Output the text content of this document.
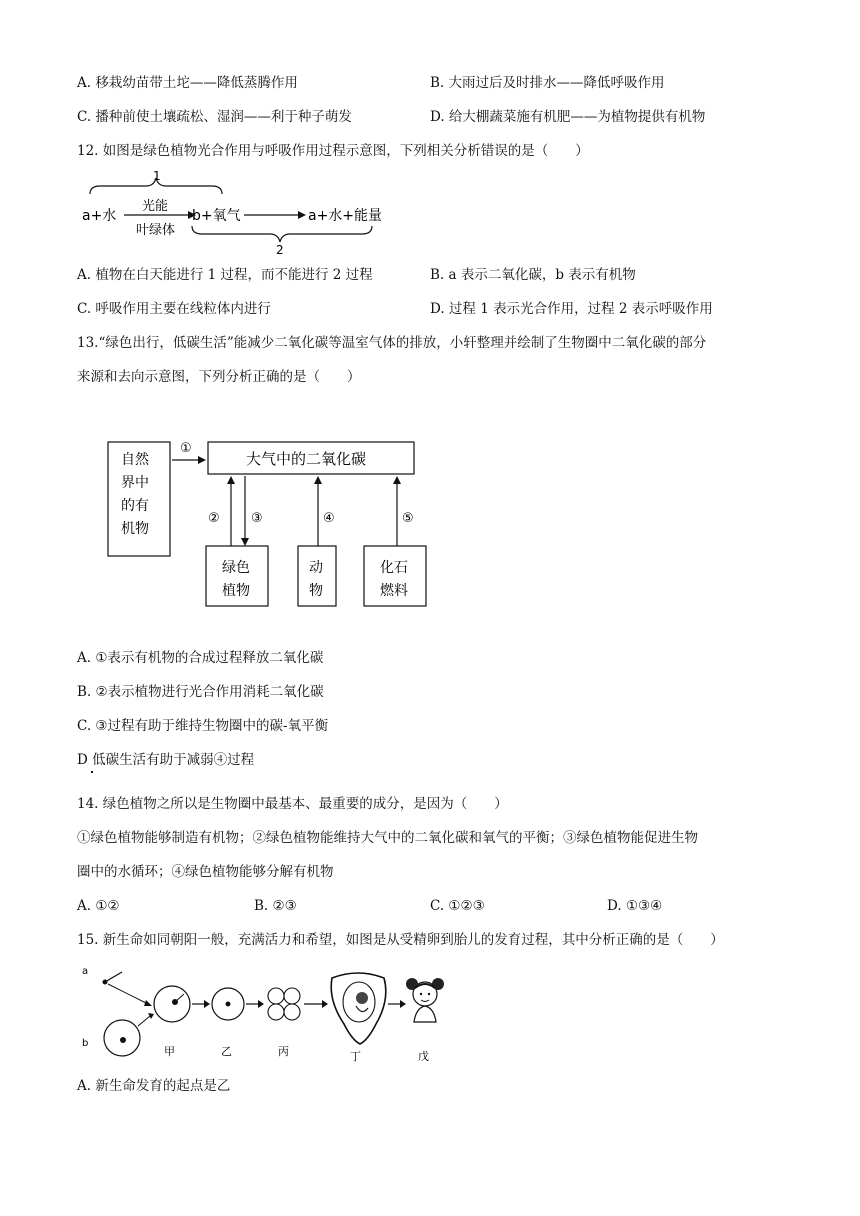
A. 移栽幼苗带土坨——降低蒸腾作用	B. 大雨过后及时排水——降低呼吸作用
C. 播种前使土壤疏松、湿润——利于种子萌发	D. 给大棚蔬菜施有机肥——为植物提供有机物
12. 如图是绿色植物光合作用与呼吸作用过程示意图，下列相关分析错误的是（　　）
1
a+水
光能
叶绿体
b+氧气	a+水+能量
2
A. 植物在白天能进行 1 过程，而不能进行 2 过程	B. a 表示二氧化碳，b 表示有机物
C. 呼吸作用主要在线粒体内进行	D. 过程 1 表示光合作用，过程 2 表示呼吸作用
13.“绿色出行，低碳生活”能减少二氧化碳等温室气体的排放，小轩整理并绘制了生物圈中二氧化碳的部分
来源和去向示意图，下列分析正确的是（　　）
自然
界中
的有
机物
①
大气中的二氧化碳
② ③
绿色
植物
④
动
物
⑤
化石
燃料
A. ①表示有机物的合成过程释放二氧化碳
B. ②表示植物进行光合作用消耗二氧化碳
C. ③过程有助于维持生物圈中的碳-氧平衡
D 低碳生活有助于减弱④过程
14. 绿色植物之所以是生物圈中最基本、最重要的成分，是因为（　　）
①绿色植物能够制造有机物；②绿色植物能维持大气中的二氧化碳和氧气的平衡；③绿色植物能促进生物
圈中的水循环；④绿色植物能够分解有机物
A. ①②	B. ②③	C. ①②③	D. ①③④
15. 新生命如同朝阳一般，充满活力和希望，如图是从受精卵到胎儿的发育过程，其中分析正确的是（　　）
a
b
甲	乙	丙	丁	戊
A. 新生命发育的起点是乙
